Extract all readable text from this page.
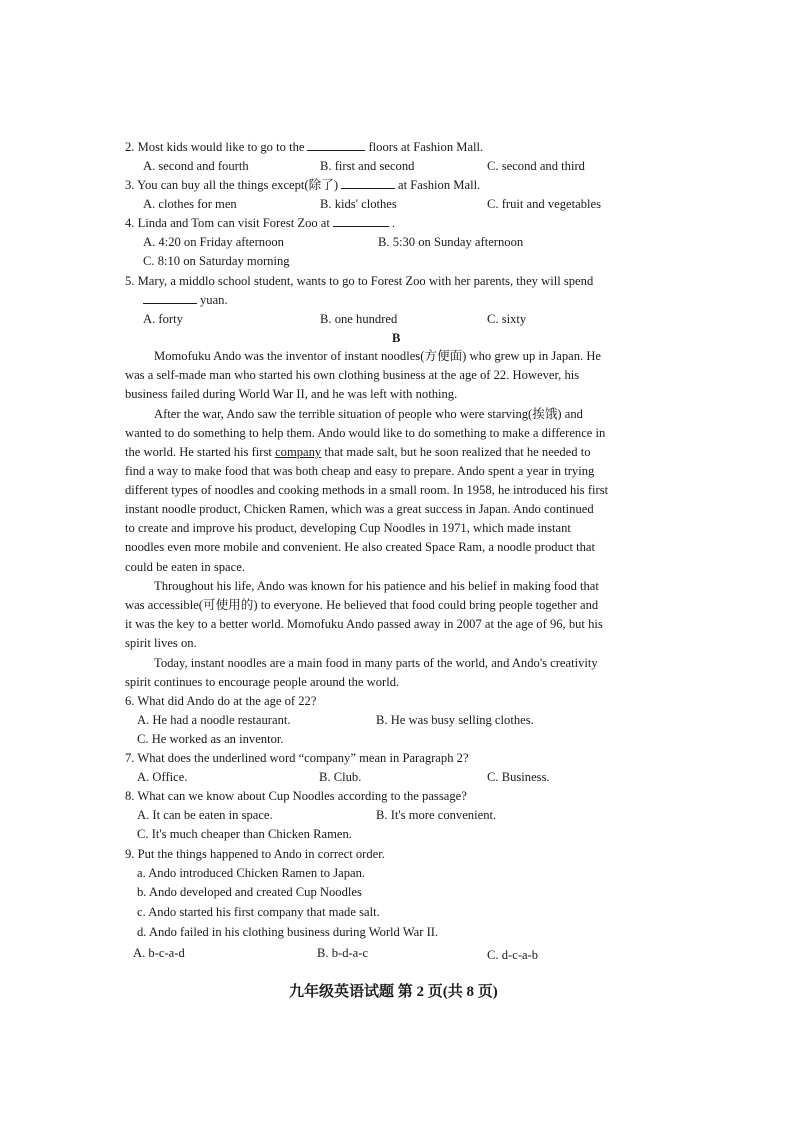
2. Most kids would like to go to the	floors at Fashion Mall.
A. second and fourth	B. first and second	C. second and third
3. You can buy all the things except(除了)	at Fashion Mall.
A. clothes for men	B. kids' clothes	C. fruit and vegetables
4. Linda and Tom can visit Forest Zoo at	.
A. 4:20 on Friday afternoon	B. 5:30 on Sunday afternoon
C. 8:10 on Saturday morning
5. Mary, a middlo school student, wants to go to Forest Zoo with her parents, they will spend
yuan.
A. forty	B. one hundred	C. sixty
B
Momofuku Ando was the inventor of instant noodles(方便面) who grew up in Japan. He
was a self-made man who started his own clothing business at the age of 22. However, his
business failed during World War II, and he was left with nothing.
After the war, Ando saw the terrible situation of people who were starving(挨饿) and
wanted to do something to help them. Ando would like to do something to make a difference in
the world. He started his first company that made salt, but he soon realized that he needed to
find a way to make food that was both cheap and easy to prepare. Ando spent a year in trying
different types of noodles and cooking methods in a small room. In 1958, he introduced his first
instant noodle product, Chicken Ramen, which was a great success in Japan. Ando continued
to create and improve his product, developing Cup Noodles in 1971, which made instant
noodles even more mobile and convenient. He also created Space Ram, a noodle product that
could be eaten in space.
Throughout his life, Ando was known for his patience and his belief in making food that
was accessible(可使用的) to everyone. He believed that food could bring people together and
it was the key to a better world. Momofuku Ando passed away in 2007 at the age of 96, but his
spirit lives on.
Today, instant noodles are a main food in many parts of the world, and Ando's creativity
spirit continues to encourage people around the world.
6. What did Ando do at the age of 22?
A. He had a noodle restaurant.	B. He was busy selling clothes.
C. He worked as an inventor.
7. What does the underlined word “company” mean in Paragraph 2?
A. Office.	B. Club.	C. Business.
8. What can we know about Cup Noodles according to the passage?
A. It can be eaten in space.	B. It's more convenient.
C. It's much cheaper than Chicken Ramen.
9. Put the things happened to Ando in correct order.
a. Ando introduced Chicken Ramen to Japan.
b. Ando developed and created Cup Noodles
c. Ando started his first company that made salt.
d. Ando failed in his clothing business during World War II.
A. b-c-a-d	B. b-d-a-c	C. d-c-a-b
九年级英语试题 第 2 页(共 8 页)
